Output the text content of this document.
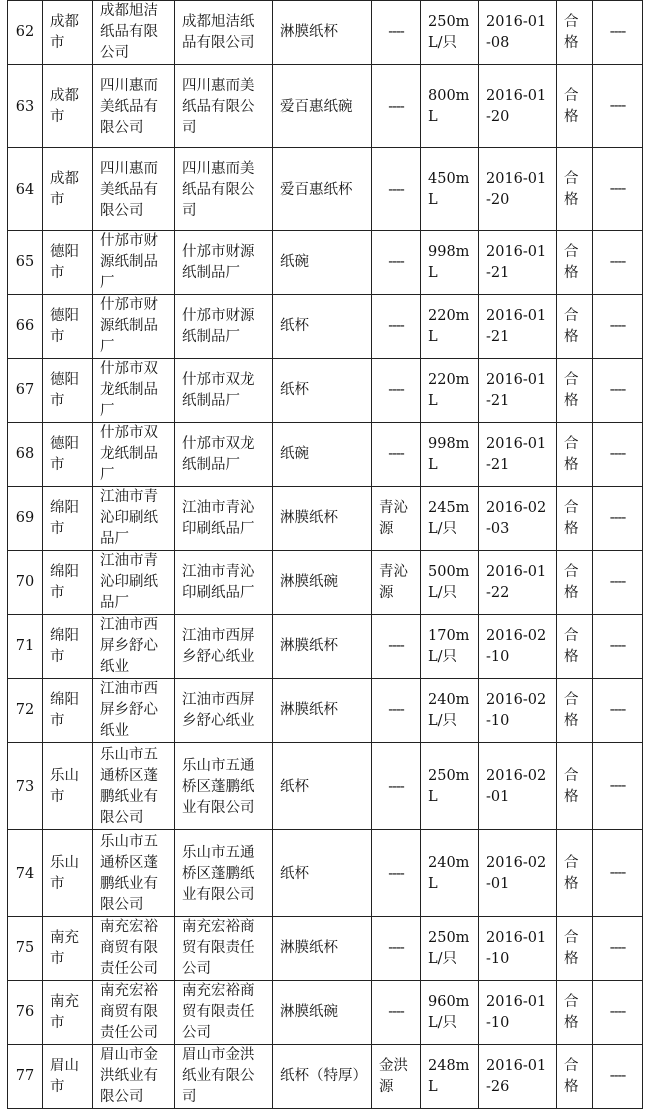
62	成都市	成都旭洁纸品有限公司	成都旭洁纸品有限公司	淋膜纸杯	----	250mL/只	2016-01-08	合格	----
63	成都市	四川惠而美纸品有限公司	四川惠而美纸品有限公司	爱百惠纸碗	----	800mL	2016-01-20	合格	----
64	成都市	四川惠而美纸品有限公司	四川惠而美纸品有限公司	爱百惠纸杯	----	450mL	2016-01-20	合格	----
65	德阳市	什邡市财源纸制品厂	什邡市财源纸制品厂	纸碗	----	998mL	2016-01-21	合格	----
66	德阳市	什邡市财源纸制品厂	什邡市财源纸制品厂	纸杯	----	220mL	2016-01-21	合格	----
67	德阳市	什邡市双龙纸制品厂	什邡市双龙纸制品厂	纸杯	----	220mL	2016-01-21	合格	----
68	德阳市	什邡市双龙纸制品厂	什邡市双龙纸制品厂	纸碗	----	998mL	2016-01-21	合格	----
69	绵阳市	江油市青沁印刷纸品厂	江油市青沁印刷纸品厂	淋膜纸杯	青沁源	245mL/只	2016-02-03	合格	----
70	绵阳市	江油市青沁印刷纸品厂	江油市青沁印刷纸品厂	淋膜纸碗	青沁源	500mL/只	2016-01-22	合格	----
71	绵阳市	江油市西屏乡舒心纸业	江油市西屏乡舒心纸业	淋膜纸杯	----	170mL/只	2016-02-10	合格	----
72	绵阳市	江油市西屏乡舒心纸业	江油市西屏乡舒心纸业	淋膜纸杯	----	240mL/只	2016-02-10	合格	----
73	乐山市	乐山市五通桥区蓬鹏纸业有限公司	乐山市五通桥区蓬鹏纸业有限公司	纸杯	----	250mL	2016-02-01	合格	----
74	乐山市	乐山市五通桥区蓬鹏纸业有限公司	乐山市五通桥区蓬鹏纸业有限公司	纸杯	----	240mL	2016-02-01	合格	----
75	南充市	南充宏裕商贸有限责任公司	南充宏裕商贸有限责任公司	淋膜纸杯	----	250mL/只	2016-01-10	合格	----
76	南充市	南充宏裕商贸有限责任公司	南充宏裕商贸有限责任公司	淋膜纸碗	----	960mL/只	2016-01-10	合格	----
77	眉山市	眉山市金洪纸业有限公司	眉山市金洪纸业有限公司	纸杯（特厚）	金洪源	248mL	2016-01-26	合格	----
